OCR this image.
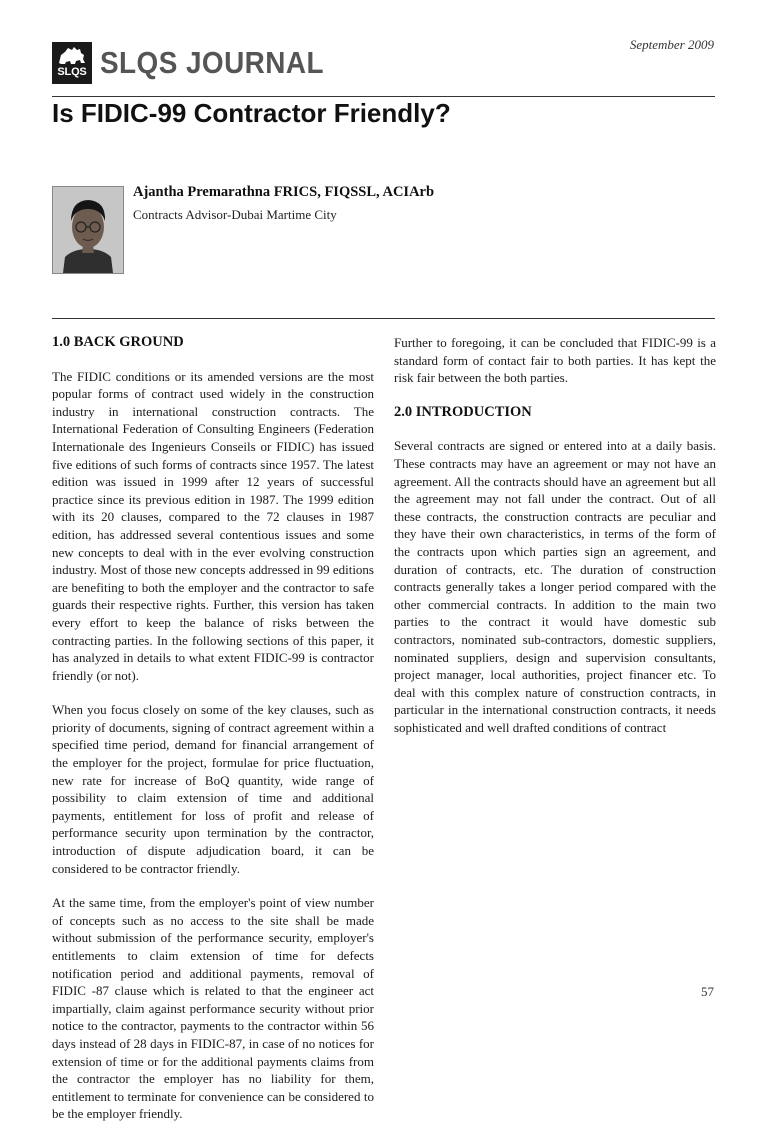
SLQS SLQS JOURNAL
September 2009
Is FIDIC-99 Contractor Friendly?
Ajantha Premarathna FRICS, FIQSSL, ACIArb
Contracts Advisor-Dubai Martime City
1.0 BACK GROUND

The FIDIC conditions or its amended versions are the most popular forms of contract used widely in the construction industry in international construction contracts. The International Federation of Consulting Engineers (Federation Internationale des Ingenieurs Conseils or FIDIC) has issued five editions of such forms of contracts since 1957. The latest edition was issued in 1999 after 12 years of successful practice since its previous edition in 1987. The 1999 edition with its 20 clauses, compared to the 72 clauses in 1987 edition, has addressed several contentious issues and some new concepts to deal with in the ever evolving construction industry. Most of those new concepts addressed in 99 editions are benefiting to both the employer and the contractor to safe guards their respective rights. Further, this version has taken every effort to keep the balance of risks between the contracting parties. In the following sections of this paper, it has analyzed in details to what extent FIDIC-99 is contractor friendly (or not).

When you focus closely on some of the key clauses, such as priority of documents, signing of contract agreement within a specified time period, demand for financial arrangement of the employer for the project, formulae for price fluctuation, new rate for increase of BoQ quantity, wide range of possibility to claim extension of time and additional payments, entitlement for loss of profit and release of performance security upon termination by the contractor, introduction of dispute adjudication board, it can be considered to be contractor friendly.

At the same time, from the employer's point of view number of concepts such as no access to the site shall be made without submission of the performance security, employer's entitlements to claim extension of time for defects notification period and additional payments, removal of FIDIC -87 clause which is related to that the engineer act impartially, claim against performance security without prior notice to the contractor, payments to the contractor within 56 days instead of 28 days in FIDIC-87, in case of no notices for extension of time or for the additional payments claims from the contractor the employer has no liability for them, entitlement to terminate for convenience can be considered to be the employer friendly.

Further to foregoing, it can be concluded that FIDIC-99 is a standard form of contact fair to both parties. It has kept the risk fair between the both parties.

2.0 INTRODUCTION

Several contracts are signed or entered into at a daily basis. These contracts may have an agreement or may not have an agreement. All the contracts should have an agreement but all the agreement may not fall under the contract. Out of all these contracts, the construction contracts are peculiar and they have their own characteristics, in terms of the form of the contracts upon which parties sign an agreement, and duration of contracts, etc. The duration of construction contracts generally takes a longer period compared with the other commercial contracts. In addition to the main two parties to the contract it would have domestic sub contractors, nominated sub-contractors, domestic suppliers, nominated suppliers, design and supervision consultants, project manager, local authorities, project financer etc. To deal with this complex nature of construction contracts, in particular in the international construction contracts, it needs sophisticated and well drafted conditions of contract

57
